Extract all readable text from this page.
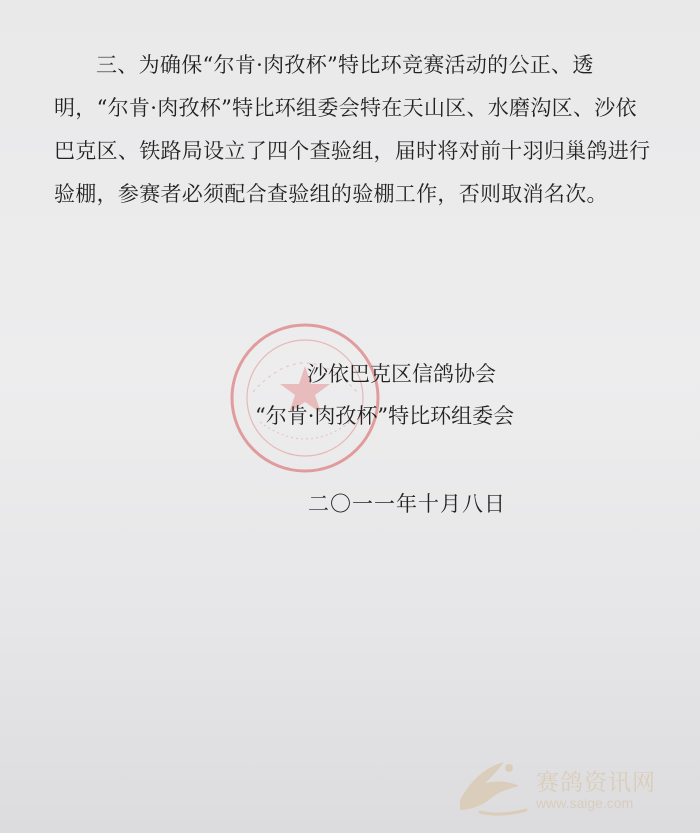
三、为确保“尔肯·肉孜杯”特比环竞赛活动的公正、透明，“尔肯·肉孜杯”特比环组委会特在天山区、水磨沟区、沙依巴克区、铁路局设立了四个查验组，届时将对前十羽归巢鸽进行验棚，参赛者必须配合查验组的验棚工作，否则取消名次。

沙依巴克区信鸽协会
“尔肯·肉孜杯”特比环组委会
二〇一一年十月八日
赛鸽资讯网
www.saige.com
